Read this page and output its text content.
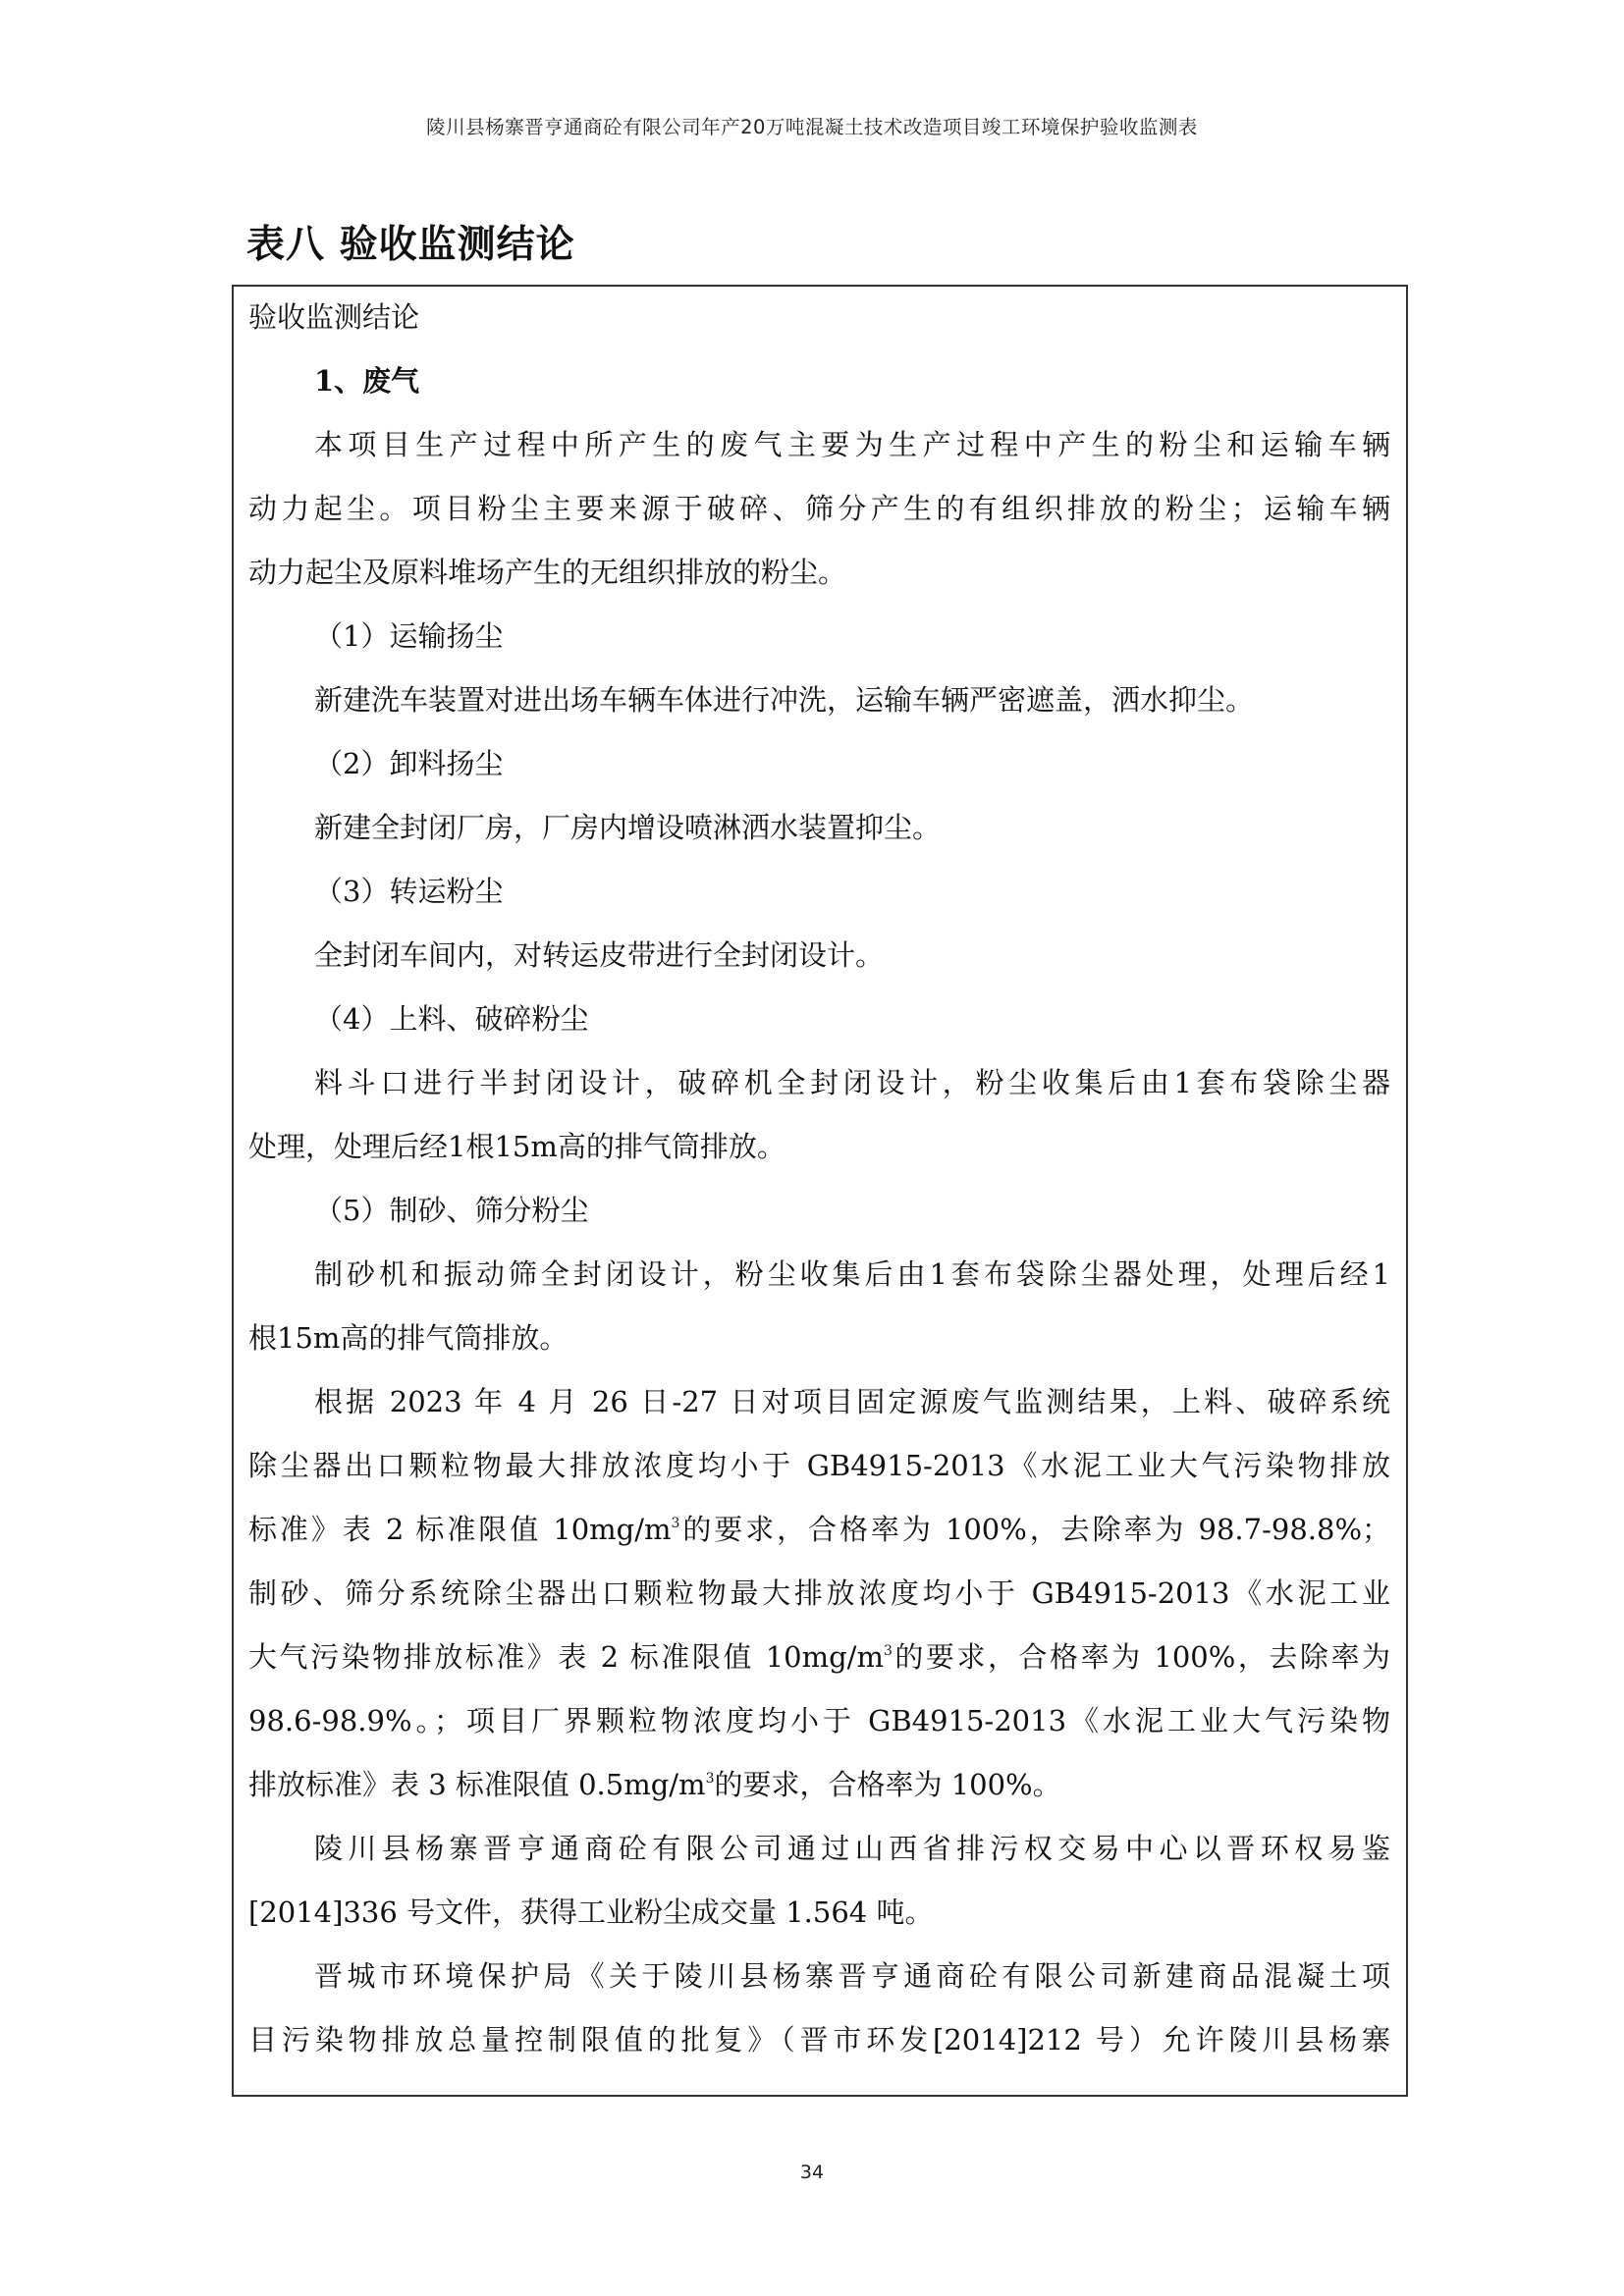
陵川县杨寨晋亨通商砼有限公司年产20万吨混凝土技术改造项目竣工环境保护验收监测表
表八 验收监测结论
验收监测结论
1、废气
本项目生产过程中所产生的废气主要为生产过程中产生的粉尘和运输车辆
动力起尘。项目粉尘主要来源于破碎、筛分产生的有组织排放的粉尘；运输车辆
动力起尘及原料堆场产生的无组织排放的粉尘。
（1）运输扬尘
新建洗车装置对进出场车辆车体进行冲洗，运输车辆严密遮盖，洒水抑尘。
（2）卸料扬尘
新建全封闭厂房，厂房内增设喷淋洒水装置抑尘。
（3）转运粉尘
全封闭车间内，对转运皮带进行全封闭设计。
（4）上料、破碎粉尘
料斗口进行半封闭设计，破碎机全封闭设计，粉尘收集后由1套布袋除尘器
处理，处理后经1根15m高的排气筒排放。
（5）制砂、筛分粉尘
制砂机和振动筛全封闭设计，粉尘收集后由1套布袋除尘器处理，处理后经1
根15m高的排气筒排放。
根据 2023 年 4 月 26 日-27 日对项目固定源废气监测结果，上料、破碎系统
除尘器出口颗粒物最大排放浓度均小于 GB4915-2013《水泥工业大气污染物排放
标准》表 2 标准限值 $10mg/m^3$的要求，合格率为 100%，去除率为 98.7-98.8%；
制砂、筛分系统除尘器出口颗粒物最大排放浓度均小于 GB4915-2013《水泥工业
大气污染物排放标准》表 2 标准限值 $10mg/m^3$的要求，合格率为 100%，去除率为
98.6-98.9%。；项目厂界颗粒物浓度均小于 GB4915-2013《水泥工业大气污染物
排放标准》表 3 标准限值 $0.5mg/m^3$的要求，合格率为 100%。
陵川县杨寨晋亨通商砼有限公司通过山西省排污权交易中心以晋环权易鉴
[2014]336 号文件，获得工业粉尘成交量 1.564 吨。
晋城市环境保护局《关于陵川县杨寨晋亨通商砼有限公司新建商品混凝土项
目污染物排放总量控制限值的批复》（晋市环发[2014]212 号）允许陵川县杨寨
34
